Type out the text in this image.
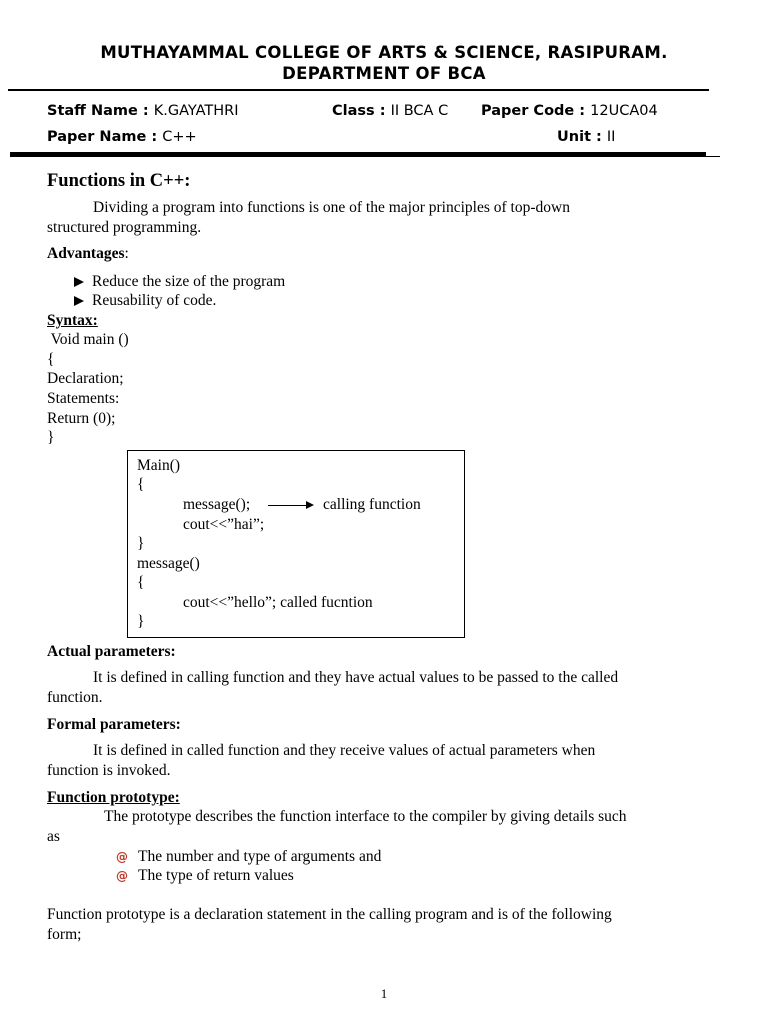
MUTHAYAMMAL COLLEGE OF ARTS & SCIENCE, RASIPURAM.
DEPARTMENT OF BCA
Staff Name : K.GAYATHRI	Class : II BCA C Paper Code : 12UCA04
Paper Name : C++	Unit : II
Functions in C++:
Dividing a program into functions is one of the major principles of top-down
structured programming.
Advantages:
Reduce the size of the program
Reusability of code.
Syntax:
Void main ()
{
Declaration;
Statements:
Return (0);
}
Main()
{
message();	calling function
cout<<”hai”;
}
message()
{
cout<<”hello”; called fucntion
}
Actual parameters:
It is defined in calling function and they have actual values to be passed to the called
function.
Formal parameters:
It is defined in called function and they receive values of actual parameters when
function is invoked.
Function prototype:
The prototype describes the function interface to the compiler by giving details such
as
@ The number and type of arguments and
@ The type of return values
Function prototype is a declaration statement in the calling program and is of the following
form;
1
